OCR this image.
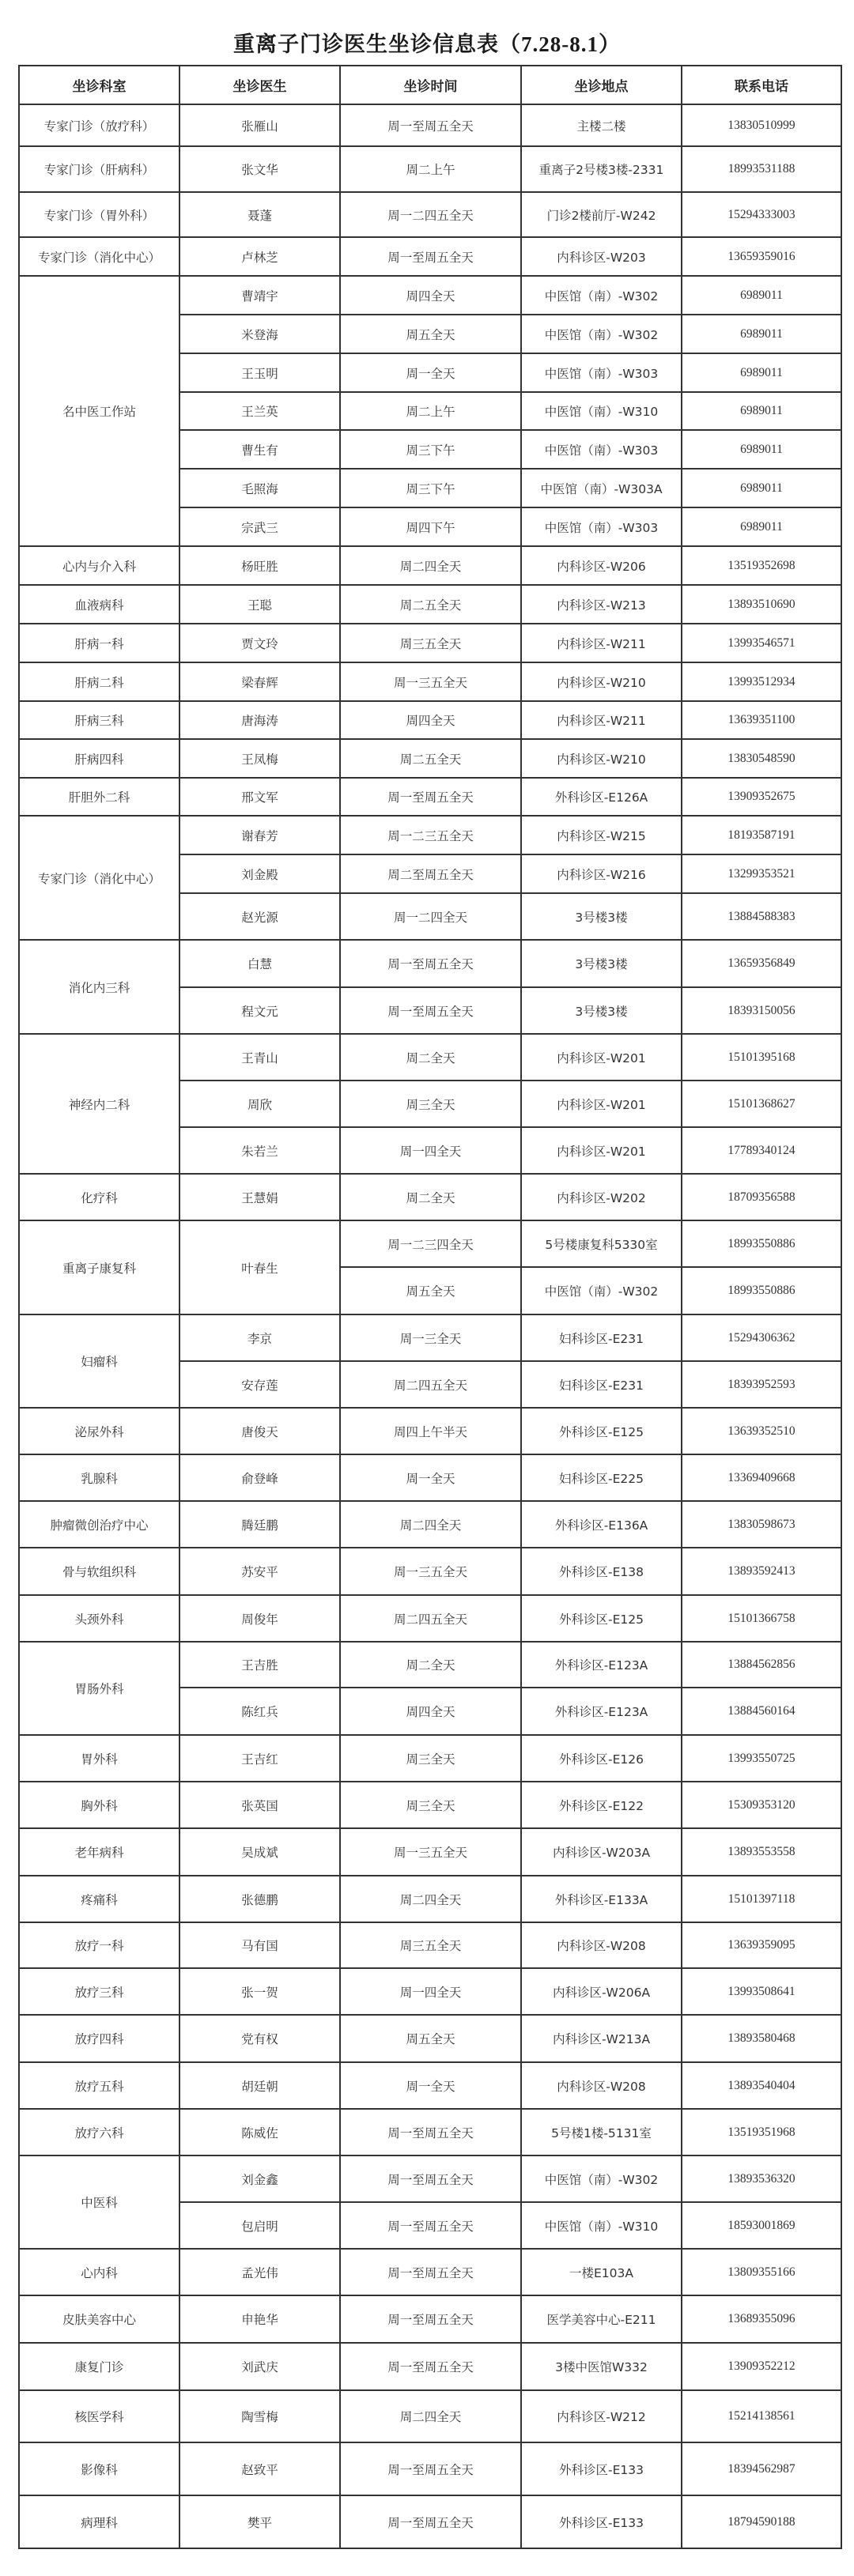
重离子门诊医生坐诊信息表（7.28-8.1）
坐诊科室	坐诊医生	坐诊时间	坐诊地点	联系电话
专家门诊（放疗科）	张雁山	周一至周五全天	主楼二楼	13830510999
专家门诊（肝病科）	张文华	周二上午	重离子2号楼3楼-2331	18993531188
专家门诊（胃外科）	聂蓬	周一二四五全天	门诊2楼前厅-W242	15294333003
专家门诊（消化中心）	卢林芝	周一至周五全天	内科诊区-W203	13659359016
名中医工作站	曹靖宇	周四全天	中医馆（南）-W302	6989011
	米登海	周五全天	中医馆（南）-W302	6989011
	王玉明	周一全天	中医馆（南）-W303	6989011
	王兰英	周二上午	中医馆（南）-W310	6989011
	曹生有	周三下午	中医馆（南）-W303	6989011
	毛照海	周三下午	中医馆（南）-W303A	6989011
	宗武三	周四下午	中医馆（南）-W303	6989011
心内与介入科	杨旺胜	周二四全天	内科诊区-W206	13519352698
血液病科	王聪	周二五全天	内科诊区-W213	13893510690
肝病一科	贾文玲	周三五全天	内科诊区-W211	13993546571
肝病二科	梁春辉	周一三五全天	内科诊区-W210	13993512934
肝病三科	唐海涛	周四全天	内科诊区-W211	13639351100
肝病四科	王凤梅	周二五全天	内科诊区-W210	13830548590
肝胆外二科	邢文军	周一至周五全天	外科诊区-E126A	13909352675
专家门诊（消化中心）	谢春芳	周一二三五全天	内科诊区-W215	18193587191
	刘金殿	周二至周五全天	内科诊区-W216	13299353521
	赵光源	周一二四全天	3号楼3楼	13884588383
消化内三科	白慧	周一至周五全天	3号楼3楼	13659356849
	程文元	周一至周五全天	3号楼3楼	18393150056
神经内二科	王青山	周二全天	内科诊区-W201	15101395168
	周欣	周三全天	内科诊区-W201	15101368627
	朱若兰	周一四全天	内科诊区-W201	17789340124
化疗科	王慧娟	周二全天	内科诊区-W202	18709356588
重离子康复科	叶春生	周一二三四全天	5号楼康复科5330室	18993550886
		周五全天	中医馆（南）-W302	18993550886
妇瘤科	李京	周一三全天	妇科诊区-E231	15294306362
	安存莲	周二四五全天	妇科诊区-E231	18393952593
泌尿外科	唐俊天	周四上午半天	外科诊区-E125	13639352510
乳腺科	俞登峰	周一全天	妇科诊区-E225	13369409668
肿瘤微创治疗中心	腾廷鹏	周二四全天	外科诊区-E136A	13830598673
骨与软组织科	苏安平	周一三五全天	外科诊区-E138	13893592413
头颈外科	周俊年	周二四五全天	外科诊区-E125	15101366758
胃肠外科	王吉胜	周二全天	外科诊区-E123A	13884562856
	陈红兵	周四全天	外科诊区-E123A	13884560164
胃外科	王吉红	周三全天	外科诊区-E126	13993550725
胸外科	张英国	周三全天	外科诊区-E122	15309353120
老年病科	吴成斌	周一三五全天	内科诊区-W203A	13893553558
疼痛科	张德鹏	周二四全天	外科诊区-E133A	15101397118
放疗一科	马有国	周三五全天	内科诊区-W208	13639359095
放疗三科	张一贺	周一四全天	内科诊区-W206A	13993508641
放疗四科	党有权	周五全天	内科诊区-W213A	13893580468
放疗五科	胡廷朝	周一全天	内科诊区-W208	13893540404
放疗六科	陈威佐	周一至周五全天	5号楼1楼-5131室	13519351968
中医科	刘金鑫	周一至周五全天	中医馆（南）-W302	13893536320
	包启明	周一至周五全天	中医馆（南）-W310	18593001869
心内科	孟光伟	周一至周五全天	一楼E103A	13809355166
皮肤美容中心	申艳华	周一至周五全天	医学美容中心-E211	13689355096
康复门诊	刘武庆	周一至周五全天	3楼中医馆W332	13909352212
核医学科	陶雪梅	周二四全天	内科诊区-W212	15214138561
影像科	赵致平	周一至周五全天	外科诊区-E133	18394562987
病理科	樊平	周一至周五全天	外科诊区-E133	18794590188
